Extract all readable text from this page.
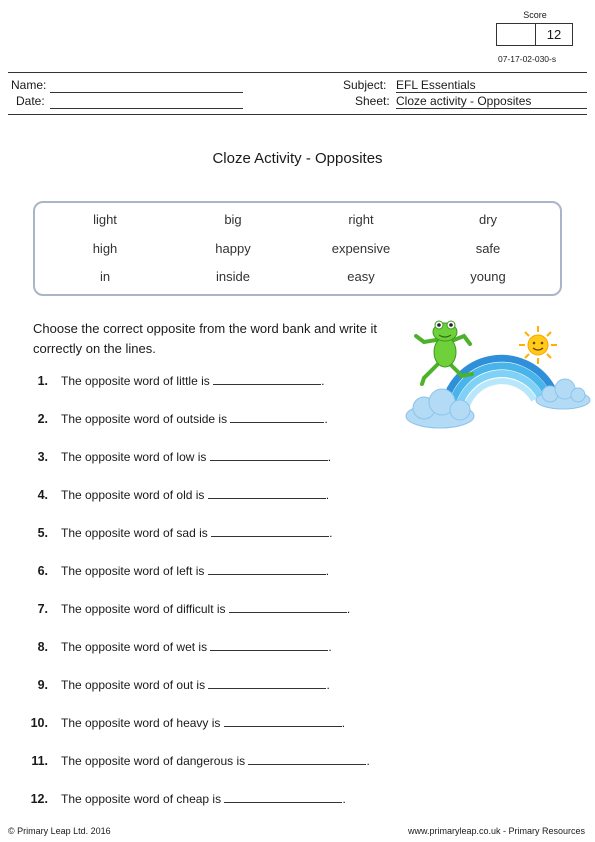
Score
12
07-17-02-030-s
Name:
Date:
Subject: EFL Essentials
Sheet: Cloze activity - Opposites
Cloze Activity - Opposites
light	big	right	dry
high	happy	expensive	safe
in	inside	easy	young
Choose the correct opposite from the word bank and write it correctly on the lines.
1. The opposite word of little is	.
2. The opposite word of outside is	.
3. The opposite word of low is	.
4. The opposite word of old is	.
5. The opposite word of sad is	.
6. The opposite word of left is	.
7. The opposite word of difficult is	.
8. The opposite word of wet is	.
9. The opposite word of out is	.
10. The opposite word of heavy is	.
11. The opposite word of dangerous is	.
12. The opposite word of cheap is	.
© Primary Leap Ltd. 2016	www.primaryleap.co.uk - Primary Resources
